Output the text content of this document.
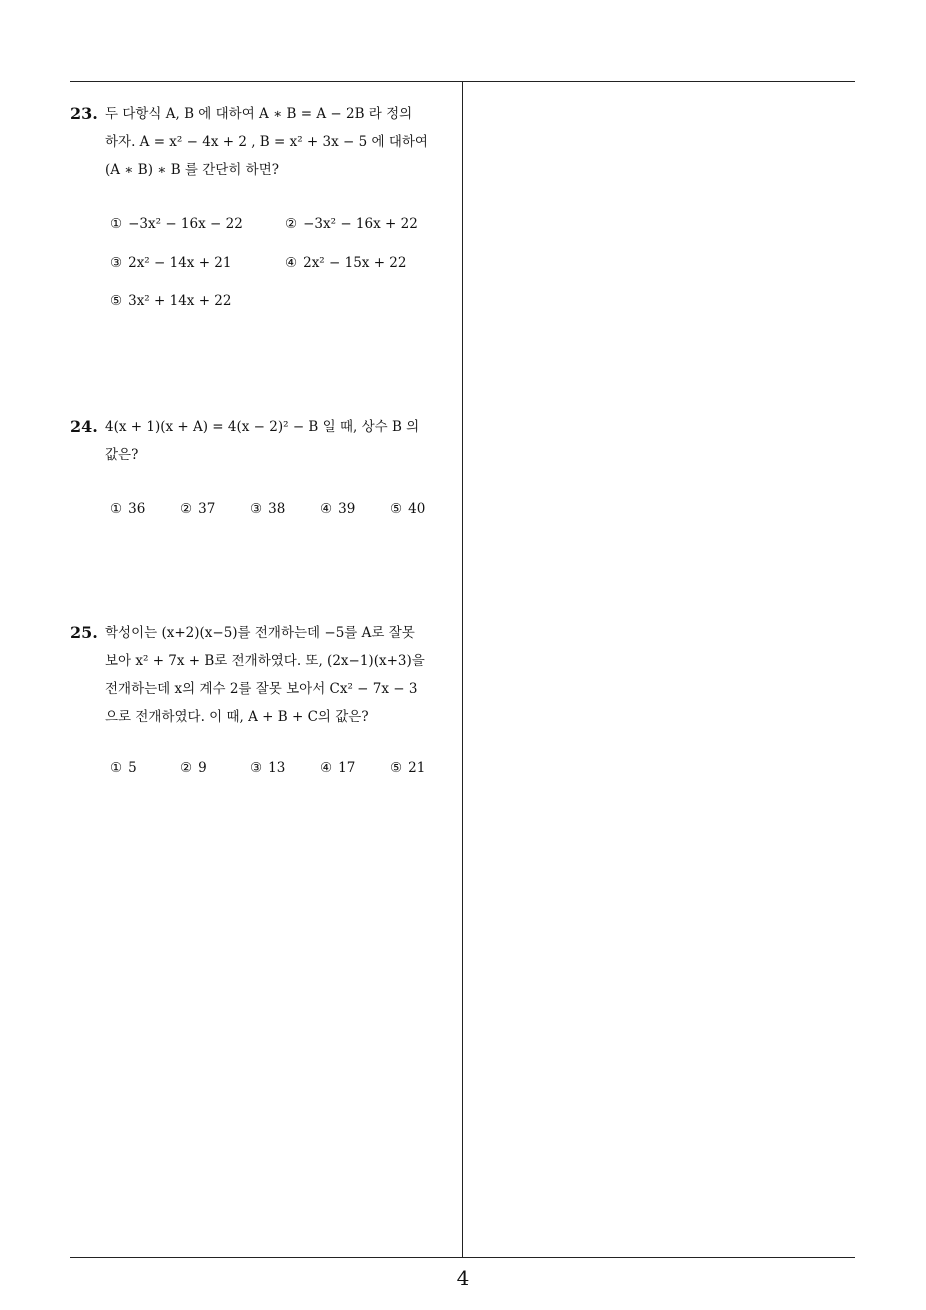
23. 두 다항식 A, B 에 대하여 A ∗ B = A − 2B 라 정의
하자. A = x² − 4x + 2 , B = x² + 3x − 5 에 대하여
(A ∗ B) ∗ B 를 간단히 하면?
① −3x² − 16x − 22	② −3x² − 16x + 22
③ 2x² − 14x + 21	④ 2x² − 15x + 22
⑤ 3x² + 14x + 22
24. 4(x + 1)(x + A) = 4(x − 2)² − B 일 때, 상수 B 의
값은?
① 36	② 37	③ 38	④ 39	⑤ 40
25. 학성이는 (x+2)(x−5)를 전개하는데 −5를 A로 잘못
보아 x² + 7x + B로 전개하였다. 또, (2x−1)(x+3)을
전개하는데 x의 계수 2를 잘못 보아서 Cx² − 7x − 3
으로 전개하였다. 이 때, A + B + C의 값은?
① 5	② 9	③ 13	④ 17	⑤ 21
4
